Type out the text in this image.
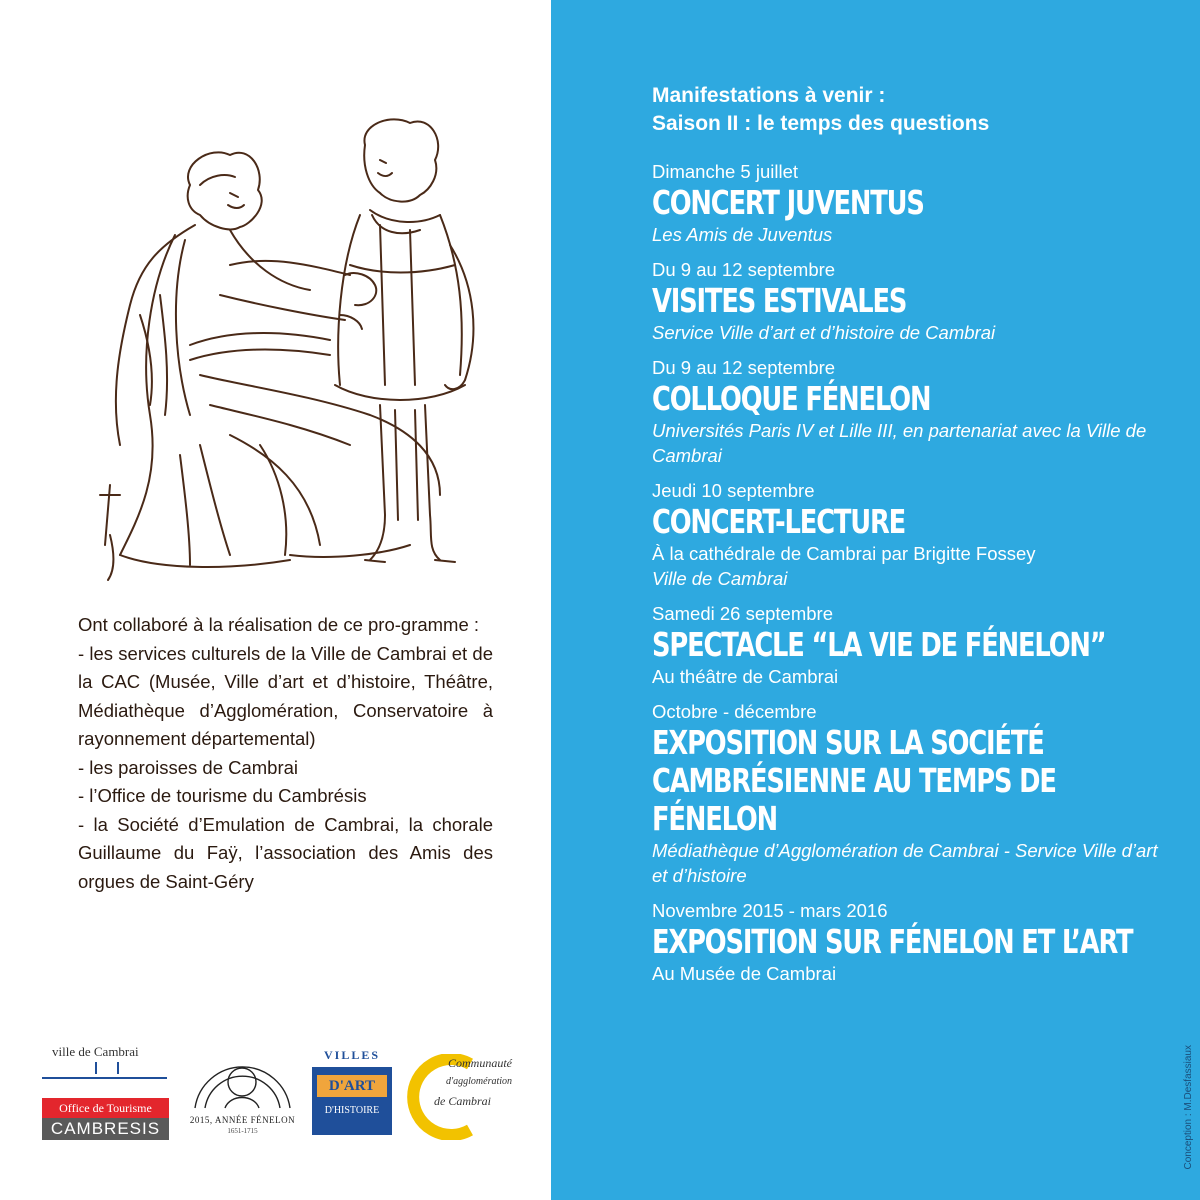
Ont collaboré à la réalisation de ce pro-gramme :

- les services culturels de la Ville de Cambrai et de la CAC (Musée, Ville d’art et d’histoire, Théâtre, Médiathèque d’Agglomération, Conservatoire à rayonnement départemental)

- les paroisses de Cambrai

- l’Office de tourisme du Cambrésis

- la Société d’Emulation de Cambrai, la chorale Guillaume du Faÿ, l’association des Amis des orgues de Saint-Géry

ville de Cambrai
Office de Tourisme
CAMBRESIS	2015, ANNÉE FÉNELON
1651-1715
VILLES
D'ART
D'HISTOIRE
Communauté
d'agglomération
de Cambrai
Manifestations à venir :
Saison II : le temps des questions
Dimanche 5 juillet
CONCERT JUVENTUS
Les Amis de Juventus
Du 9 au 12 septembre
VISITES ESTIVALES
Service Ville d’art et d’histoire de Cambrai
Du 9 au 12 septembre
COLLOQUE FÉNELON
Universités Paris IV et Lille III, en partenariat avec la Ville de Cambrai
Jeudi 10 septembre
CONCERT-LECTURE
À la cathédrale de Cambrai par Brigitte Fossey
Ville de Cambrai
Samedi 26 septembre
SPECTACLE “LA VIE DE FÉNELON”
Au théâtre de Cambrai
Octobre - décembre
EXPOSITION SUR LA SOCIÉTÉ CAMBRÉSIENNE AU TEMPS DE FÉNELON
Médiathèque d’Agglomération de Cambrai - Service Ville d’art et d’histoire
Novembre 2015 - mars 2016
EXPOSITION SUR FÉNELON ET L’ART
Au Musée de Cambrai
Conception : M.Desfassiaux
